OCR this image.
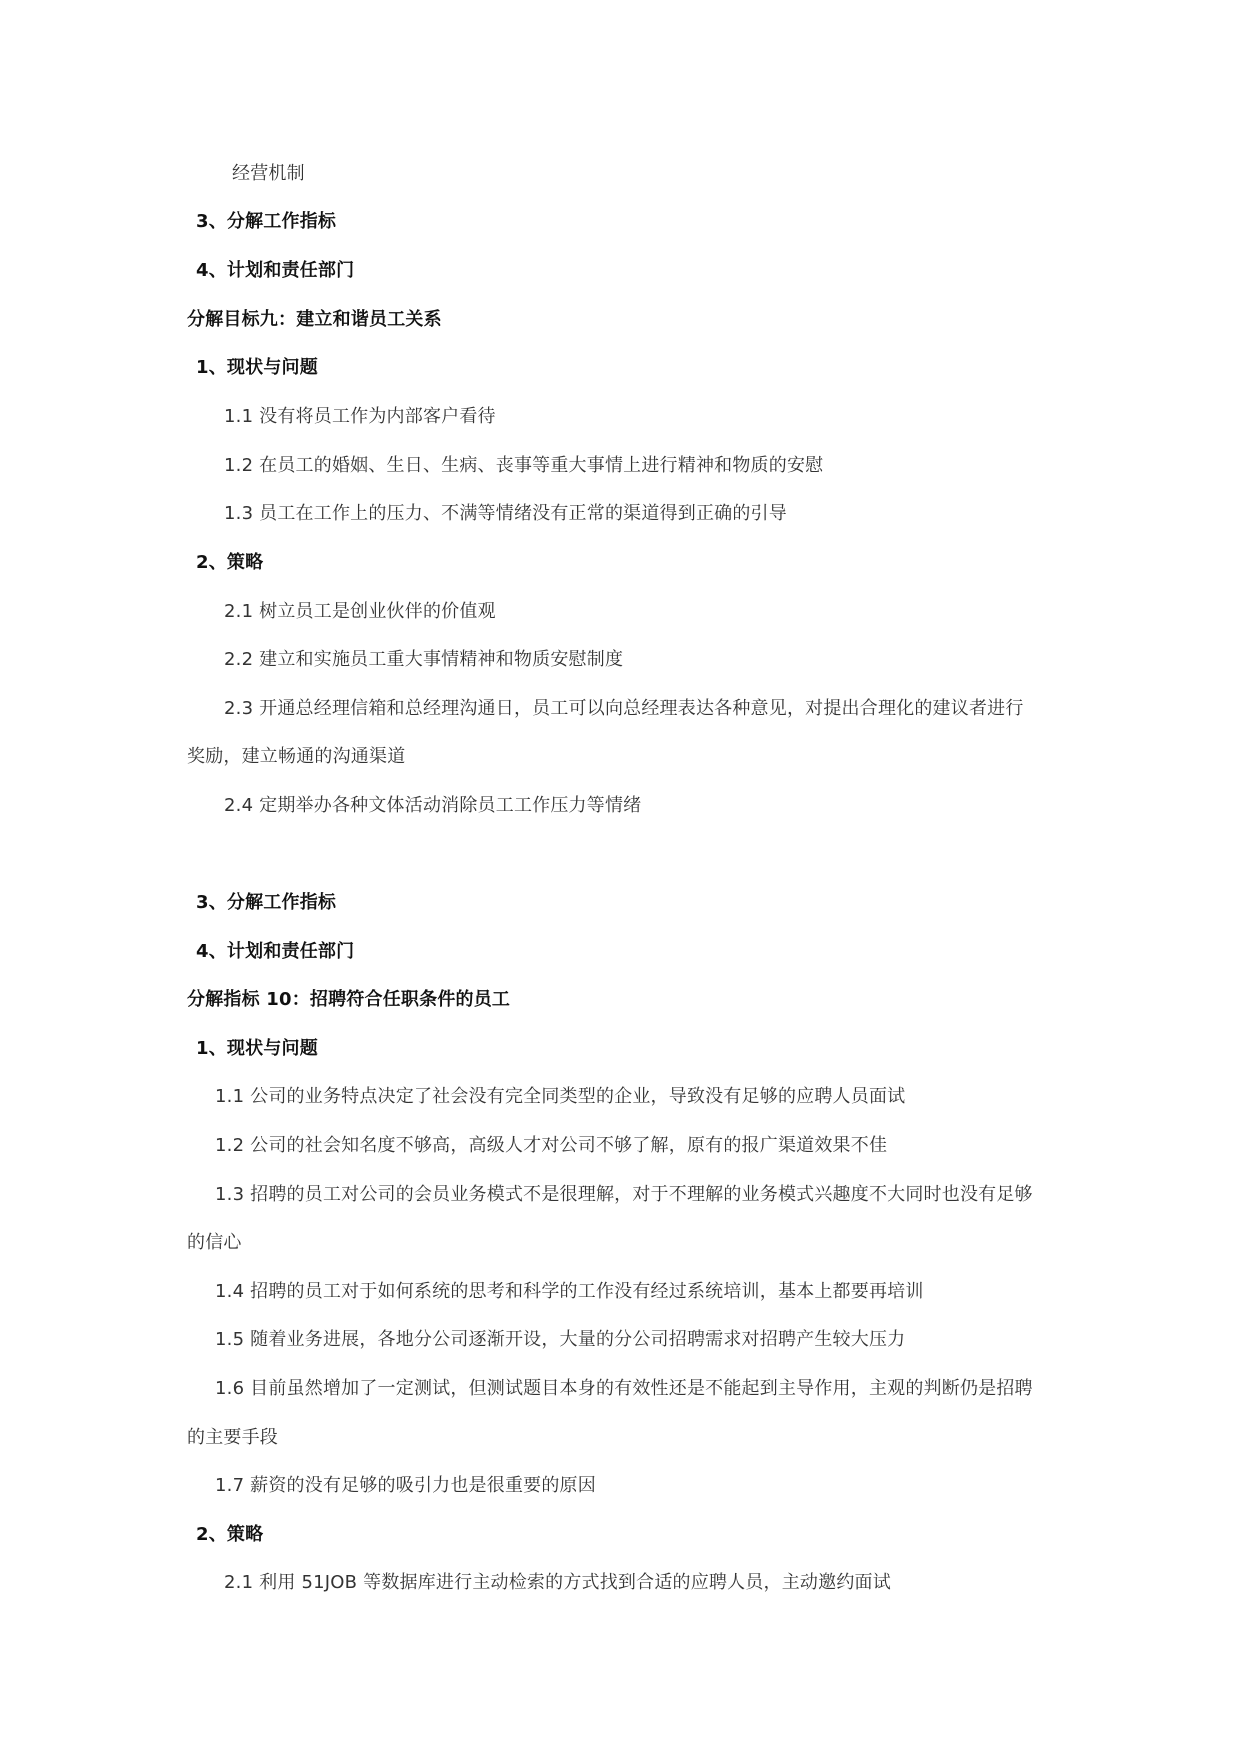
经营机制
3、分解工作指标
4、计划和责任部门
分解目标九：建立和谐员工关系
1、现状与问题
1.1 没有将员工作为内部客户看待
1.2 在员工的婚姻、生日、生病、丧事等重大事情上进行精神和物质的安慰
1.3 员工在工作上的压力、不满等情绪没有正常的渠道得到正确的引导
2、策略
2.1 树立员工是创业伙伴的价值观
2.2 建立和实施员工重大事情精神和物质安慰制度
2.3 开通总经理信箱和总经理沟通日，员工可以向总经理表达各种意见，对提出合理化的建议者进行
奖励，建立畅通的沟通渠道
2.4 定期举办各种文体活动消除员工工作压力等情绪
3、分解工作指标
4、计划和责任部门
分解指标 10：招聘符合任职条件的员工
1、现状与问题
1.1 公司的业务特点决定了社会没有完全同类型的企业，导致没有足够的应聘人员面试
1.2 公司的社会知名度不够高，高级人才对公司不够了解，原有的报广渠道效果不佳
1.3 招聘的员工对公司的会员业务模式不是很理解，对于不理解的业务模式兴趣度不大同时也没有足够
的信心
1.4 招聘的员工对于如何系统的思考和科学的工作没有经过系统培训，基本上都要再培训
1.5 随着业务进展，各地分公司逐渐开设，大量的分公司招聘需求对招聘产生较大压力
1.6 目前虽然增加了一定测试，但测试题目本身的有效性还是不能起到主导作用，主观的判断仍是招聘
的主要手段
1.7 薪资的没有足够的吸引力也是很重要的原因
2、策略
2.1 利用 51JOB 等数据库进行主动检索的方式找到合适的应聘人员，主动邀约面试
